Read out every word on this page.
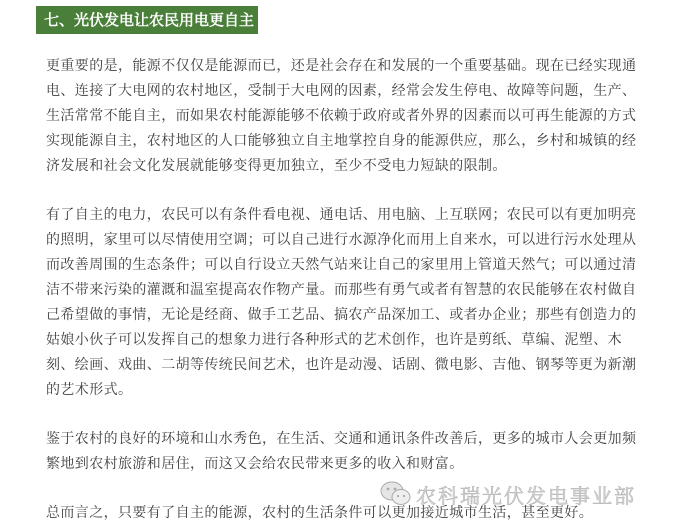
七、光伏发电让农民用电更自主

更重要的是，能源不仅仅是能源而已，还是社会存在和发展的一个重要基础。现在已经实现通
电、连接了大电网的农村地区，受制于大电网的因素，经常会发生停电、故障等问题，生产、
生活常常不能自主，而如果农村能源能够不依赖于政府或者外界的因素而以可再生能源的方式
实现能源自主，农村地区的人口能够独立自主地掌控自身的能源供应，那么，乡村和城镇的经
济发展和社会文化发展就能够变得更加独立，至少不受电力短缺的限制。

有了自主的电力，农民可以有条件看电视、通电话、用电脑、上互联网；农民可以有更加明亮
的照明，家里可以尽情使用空调；可以自己进行水源净化而用上自来水，可以进行污水处理从
而改善周围的生态条件；可以自行设立天然气站来让自己的家里用上管道天然气；可以通过清
洁不带来污染的灌溉和温室提高农作物产量。而那些有勇气或者有智慧的农民能够在农村做自
己希望做的事情，无论是经商、做手工艺品、搞农产品深加工、或者办企业；那些有创造力的
姑娘小伙子可以发挥自己的想象力进行各种形式的艺术创作，也许是剪纸、草编、泥塑、木
刻、绘画、戏曲、二胡等传统民间艺术，也许是动漫、话剧、微电影、吉他、钢琴等更为新潮
的艺术形式。

鉴于农村的良好的环境和山水秀色，在生活、交通和通讯条件改善后，更多的城市人会更加频
繁地到农村旅游和居住，而这又会给农民带来更多的收入和财富。

总而言之，只要有了自主的能源，农村的生活条件可以更加接近城市生活，甚至更好。

农科瑞光伏发电事业部
